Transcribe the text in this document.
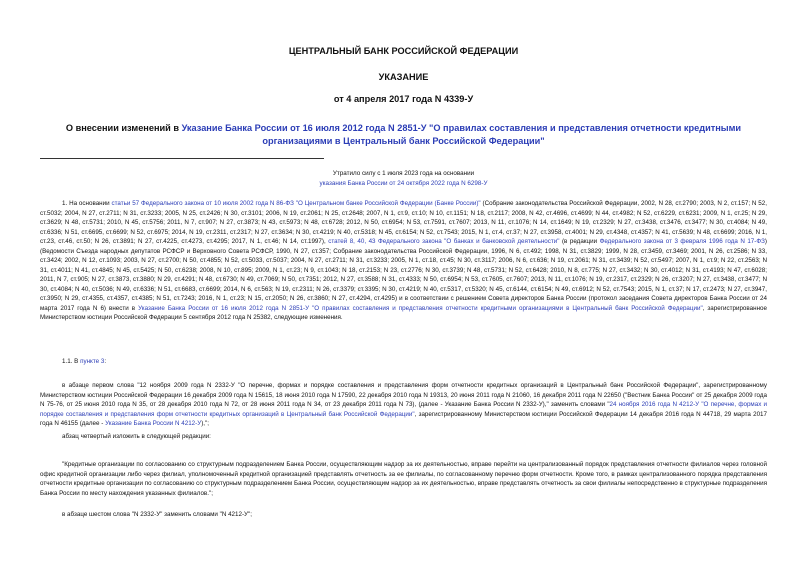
ЦЕНТРАЛЬНЫЙ БАНК РОССИЙСКОЙ ФЕДЕРАЦИИ
УКАЗАНИЕ
от 4 апреля 2017 года N 4339-У
О внесении изменений в Указание Банка России от 16 июля 2012 года N 2851-У "О правилах составления и представления отчетности кредитными организациями в Центральный банк Российской Федерации"
Утратило силу с 1 июля 2023 года на основании
указания Банка России от 24 октября 2022 года N 6298-У
1. На основании статьи 57 Федерального закона от 10 июля 2002 года N 86-ФЗ "О Центральном банке Российской Федерации (Банке России)" (Собрание законодательства Российской Федерации, 2002, N 28, ст.2790; 2003, N 2, ст.157; N 52, ст.5032; 2004, N 27, ст.2711; N 31, ст.3233; 2005, N 25, ст.2426; N 30, ст.3101; 2006, N 19, ст.2061; N 25, ст.2648; 2007, N 1, ст.9, ст.10; N 10, ст.1151; N 18, ст.2117; 2008, N 42, ст.4696, ст.4699; N 44, ст.4982; N 52, ст.6229, ст.6231; 2009, N 1, ст.25; N 29, ст.3629; N 48, ст.5731; 2010, N 45, ст.5756; 2011, N 7, ст.907; N 27, ст.3873; N 43, ст.5973; N 48, ст.6728; 2012, N 50, ст.6954; N 53, ст.7591, ст.7607; 2013, N 11, ст.1076; N 14, ст.1649; N 19, ст.2329; N 27, ст.3438, ст.3476, ст.3477; N 30, ст.4084; N 49, ст.6336; N 51, ст.6695, ст.6699; N 52, ст.6975; 2014, N 19, ст.2311, ст.2317; N 27, ст.3634; N 30, ст.4219; N 40, ст.5318; N 45, ст.6154; N 52, ст.7543; 2015, N 1, ст.4, ст.37; N 27, ст.3958, ст.4001; N 29, ст.4348, ст.4357; N 41, ст.5639; N 48, ст.6699; 2016, N 1, ст.23, ст.46, ст.50; N 26, ст.3891; N 27, ст.4225, ст.4273, ст.4295; 2017, N 1, ст.46; N 14, ст.1997), статей 8, 40, 43 Федерального закона "О банках и банковской деятельности" (в редакции Федерального закона от 3 февраля 1996 года N 17-ФЗ) (Ведомости Съезда народных депутатов РСФСР и Верховного Совета РСФСР, 1990, N 27, ст.357; Собрание законодательства Российской Федерации, 1996, N 6, ст.492; 1998, N 31, ст.3829; 1999, N 28, ст.3459, ст.3469; 2001, N 26, ст.2586; N 33, ст.3424; 2002, N 12, ст.1093; 2003, N 27, ст.2700; N 50, ст.4855; N 52, ст.5033, ст.5037; 2004, N 27, ст.2711; N 31, ст.3233; 2005, N 1, ст.18, ст.45; N 30, ст.3117; 2006, N 6, ст.636; N 19, ст.2061; N 31, ст.3439; N 52, ст.5497; 2007, N 1, ст.9; N 22, ст.2563; N 31, ст.4011; N 41, ст.4845; N 45, ст.5425; N 50, ст.6238; 2008, N 10, ст.895; 2009, N 1, ст.23; N 9, ст.1043; N 18, ст.2153; N 23, ст.2776; N 30, ст.3739; N 48, ст.5731; N 52, ст.6428; 2010, N 8, ст.775; N 27, ст.3432; N 30, ст.4012; N 31, ст.4193; N 47, ст.6028; 2011, N 7, ст.905; N 27, ст.3873, ст.3880; N 29, ст.4291; N 48, ст.6730; N 49, ст.7069; N 50, ст.7351; 2012, N 27, ст.3588; N 31, ст.4333; N 50, ст.6954; N 53, ст.7605, ст.7607; 2013, N 11, ст.1076; N 19, ст.2317, ст.2329; N 26, ст.3207; N 27, ст.3438, ст.3477; N 30, ст.4084; N 40, ст.5036; N 49, ст.6336; N 51, ст.6683, ст.6699; 2014, N 6, ст.563; N 19, ст.2311; N 26, ст.3379; ст.3395; N 30, ст.4219; N 40, ст.5317, ст.5320; N 45, ст.6144, ст.6154; N 49, ст.6912; N 52, ст.7543; 2015, N 1, ст.37; N 17, ст.2473; N 27, ст.3947, ст.3950; N 29, ст.4355, ст.4357, ст.4385; N 51, ст.7243; 2016, N 1, ст.23; N 15, ст.2050; N 26, ст.3860; N 27, ст.4294, ст.4295) и в соответствии с решением Совета директоров Банка России (протокол заседания Совета директоров Банка России от 24 марта 2017 года N 6) внести в Указание Банка России от 16 июля 2012 года N 2851-У "О правилах составления и представления отчетности кредитными организациями в Центральный банк Российской Федерации", зарегистрированное Министерством юстиции Российской Федерации 5 сентября 2012 года N 25382, следующие изменения.
1.1. В пункте 3:
в абзаце первом слова "12 ноября 2009 года N 2332-У "О перечне, формах и порядке составления и представления форм отчетности кредитных организаций в Центральный банк Российской Федерации", зарегистрированному Министерством юстиции Российской Федерации 16 декабря 2009 года N 15615, 18 июня 2010 года N 17590, 22 декабря 2010 года N 19313, 20 июня 2011 года N 21060, 16 декабря 2011 года N 22650 ("Вестник Банка России" от 25 декабря 2009 года N 75-76, от 25 июня 2010 года N 35, от 28 декабря 2010 года N 72, от 28 июня 2011 года N 34, от 23 декабря 2011 года N 73), (далее - Указание Банка России N 2332-У)," заменить словами "24 ноября 2016 года N 4212-У "О перечне, формах и порядке составления и представления форм отчетности кредитных организаций в Центральный банк Российской Федерации", зарегистрированному Министерством юстиции Российской Федерации 14 декабря 2016 года N 44718, 29 марта 2017 года N 46155 (далее - Указание Банка России N 4212-У),";
абзац четвертый изложить в следующей редакции:
"Кредитные организации по согласованию со структурным подразделением Банка России, осуществляющим надзор за их деятельностью, вправе перейти на централизованный порядок представления отчетности филиалов через головной офис кредитной организации либо через филиал, уполномоченный кредитной организацией представлять отчетность за ее филиалы, по согласованному перечню форм отчетности. Кроме того, в рамках централизованного порядка представления отчетности кредитные организации по согласованию со структурным подразделением Банка России, осуществляющим надзор за их деятельностью, вправе представлять отчетность за свои филиалы непосредственно в структурные подразделения Банка России по месту нахождения указанных филиалов.";
в абзаце шестом слова "N 2332-У" заменить словами "N 4212-У";
